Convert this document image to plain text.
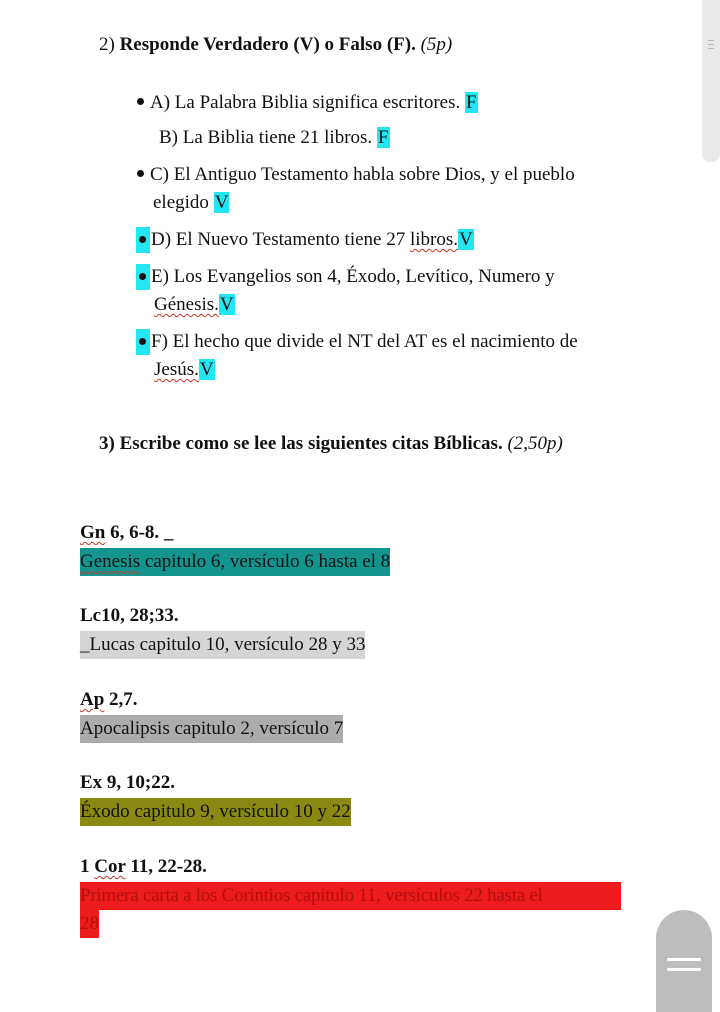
2) Responde Verdadero (V) o Falso (F). (5p)
A) La Palabra Biblia significa escritores. F
B) La Biblia tiene 21 libros. F
C) El Antiguo Testamento habla sobre Dios, y el pueblo
elegido V
D) El Nuevo Testamento tiene 27 libros.V
E) Los Evangelios son 4, Éxodo, Levítico, Numero y
Génesis.V
F) El hecho que divide el NT del AT es el nacimiento de
Jesús.V
3) Escribe como se lee las siguientes citas Bíblicas. (2,50p)
Gn 6, 6-8. _
Genesis capitulo 6, versículo 6 hasta el 8
Lc10, 28;33.
_Lucas capitulo 10, versículo 28 y 33
Ap 2,7.
Apocalipsis capitulo 2, versículo 7
Ex 9, 10;22.
Éxodo capitulo 9, versículo 10 y 22
1 Cor 11, 22-28.
Primera carta a los Corintios capitulo 11, versículos 22 hasta el
28
